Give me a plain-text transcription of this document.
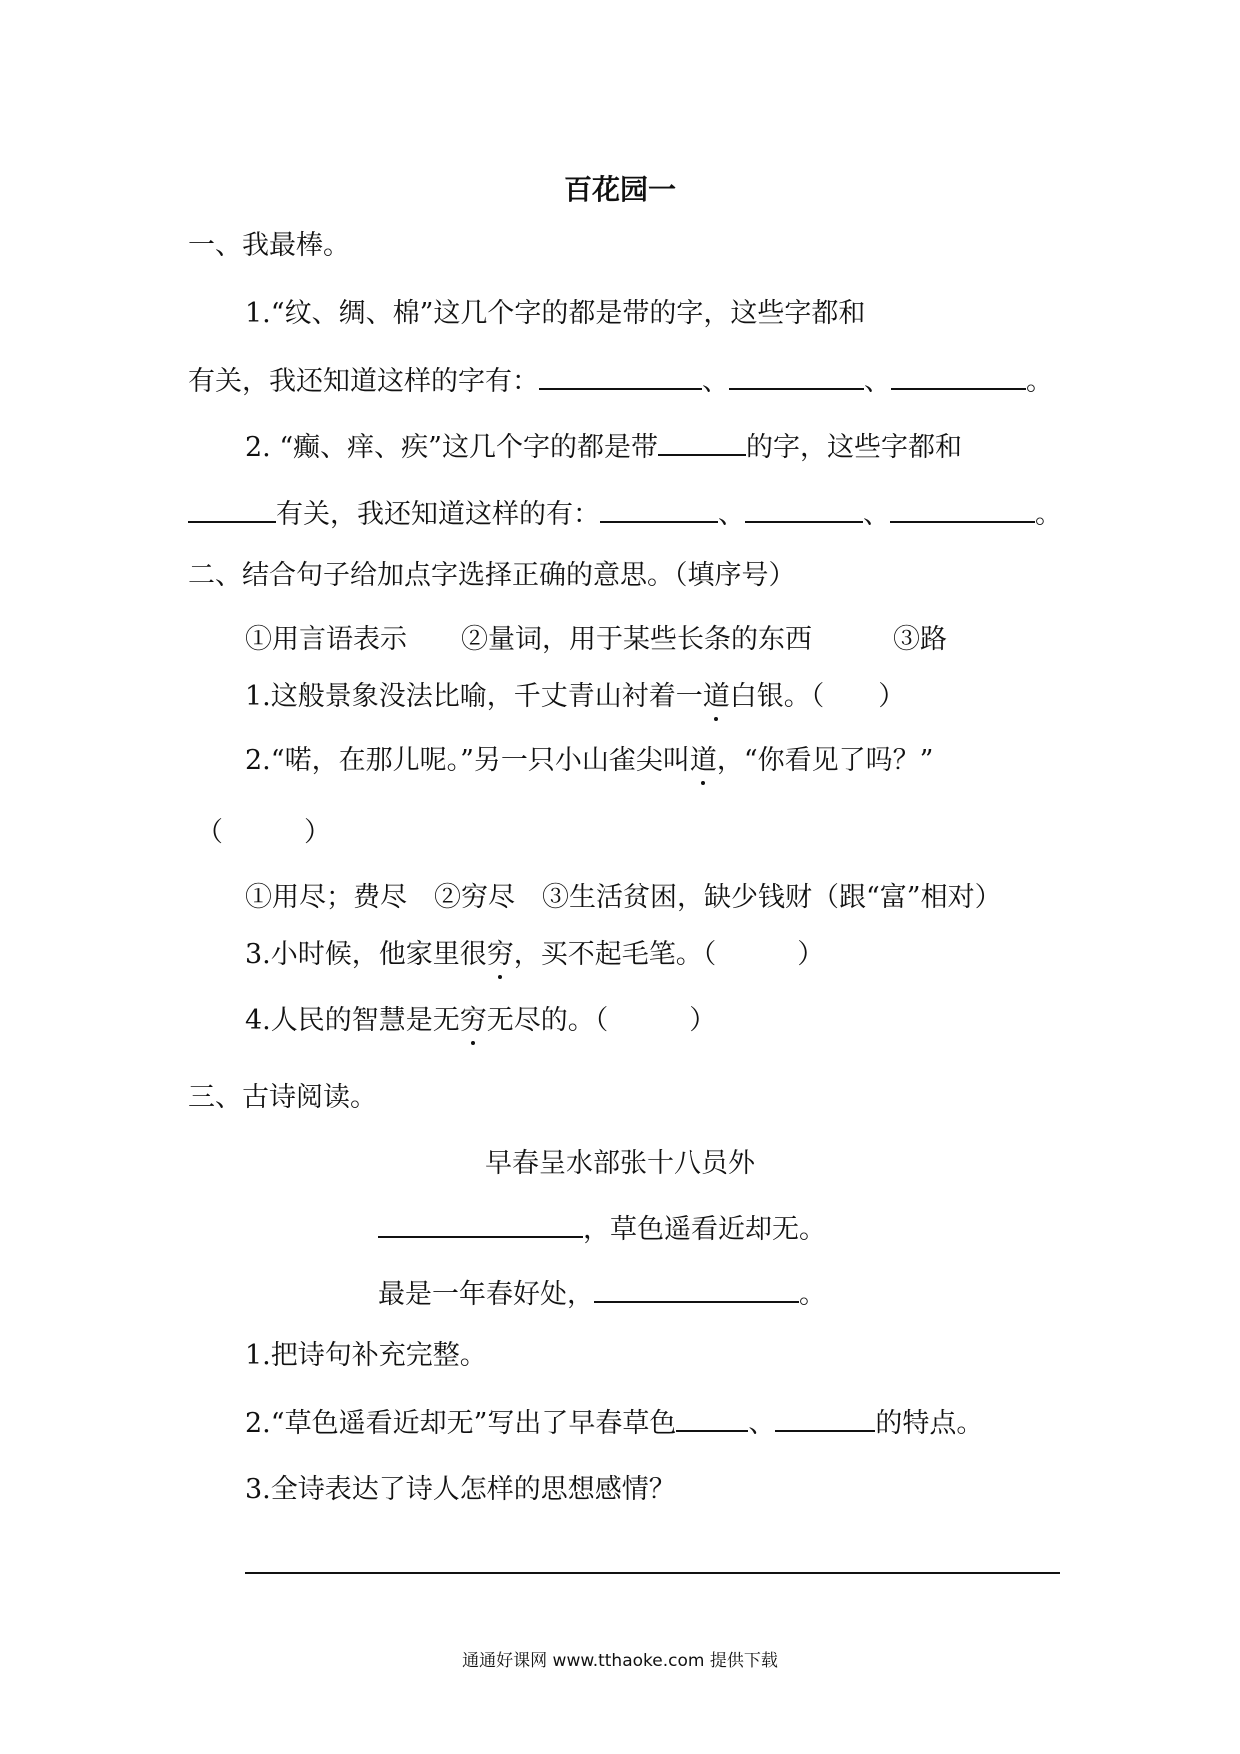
百花园一
一、我最棒。
1.“纹、绸、棉”这几个字的都是带的字，这些字都和
有关，我还知道这样的字有：	、	、	。
2. “癫、痒、疾”这几个字的都是带	的字，这些字都和
有关，我还知道这样的有：	、	、	。
二、结合句子给加点字选择正确的意思。（填序号）
①用言语表示　　②量词，用于某些长条的东西　　　③路
1.这般景象没法比喻，千丈青山衬着一道白银。（　　）
2.“喏，在那儿呢。”另一只小山雀尖叫道，“你看见了吗？”
（　　　）
①用尽；费尽　②穷尽　③生活贫困，缺少钱财（跟“富”相对）
3.小时候，他家里很穷，买不起毛笔。（　　　）
4.人民的智慧是无穷无尽的。（　　　）
三、古诗阅读。
早春呈水部张十八员外
，草色遥看近却无。
最是一年春好处，	。
1.把诗句补充完整。
2.“草色遥看近却无”写出了早春草色	、	的特点。
3.全诗表达了诗人怎样的思想感情？
通通好课网 www.tthaoke.com 提供下载
